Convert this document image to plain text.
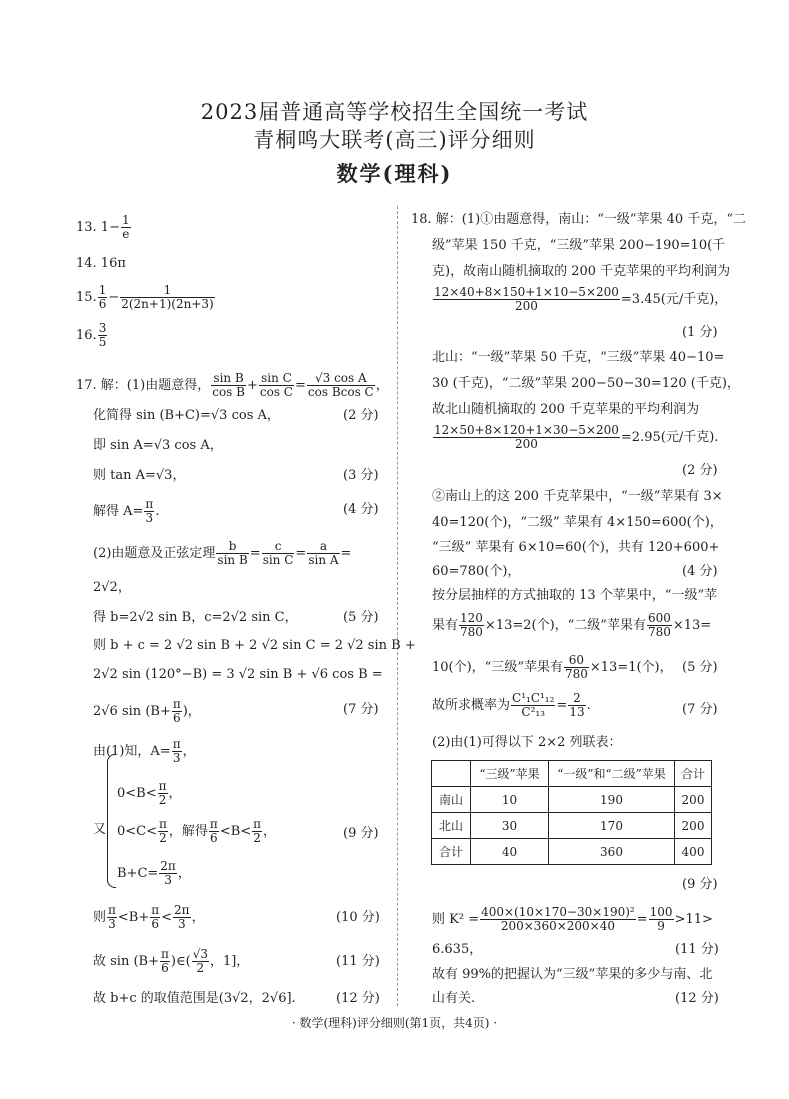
2023届普通高等学校招生全国统一考试
青桐鸣大联考(高三)评分细则
数学(理科)
13. $1- \frac{1}{e}$
14. 16π
15. $\frac{1}{6} - \frac{1}{2(2n+1)(2n+3)}$
16. $\frac{3}{5}$
17. 解：(1)由题意得， $\frac{\text{sin B}}{\text{cos B}} + \frac{\text{sin C}}{\text{cos C}} = \frac{\text{√3 cos A}}{\text{cos Bcos C}}$ ，
化简得 sin (B+C)=√3 cos A，	(2 分)
即 sin A=√3 cos A，
则 tan A=√3，	(3 分)
解得 $A= \frac{\pi}{3}$ .	(4 分)
(2)由题意及正弦定理 $\frac{b}{\text{sin B}} = \frac{c}{\text{sin C}} = \frac{a}{\text{sin A}}$ =
2√2，
得 b=2√2 sin B，c=2√2 sin C，	(5 分)
则 b + c = 2 √2 sin B + 2 √2 sin C = 2 √2 sin B +
2√2 sin (120°−B) = 3 √2 sin B + √6 cos B =
2√6 $\sin (B+ \frac{\pi}{6}$ )，	(7 分)
由(1)知，$A= \frac{\pi}{3}$ ，
又
$0<B< \frac{\pi}{2}$ ，
$0<C< \frac{\pi}{2}$ ，解得 $\frac{\pi}{6} <B< \frac{\pi}{2}$ ，	(9 分)
$B+C= \frac{2\pi}{3}$ ，
则 $\frac{\pi}{3} <B+ \frac{\pi}{6} < \frac{2\pi}{3}$ ，	(10 分)
故 $\sin (B+ \frac{\pi}{6}$ )∈( $\frac{√3}{2}$ ，1]，	(11 分)
故 b+c 的取值范围是(3√2，2√6].	(12 分)
18. 解：(1)①由题意得，南山：“一级”苹果 40 千克，“二
级”苹果 150 千克，“三级”苹果 200−190=10(千
克)，故南山随机摘取的 200 千克苹果的平均利润为
$\frac{12\times 40+8\times 150+1\times 10-5\times 200}{200} =3.45$(元/千克)，
(1 分)
北山：“一级”苹果 50 千克，“三级”苹果 40−10=
30 (千克)，“二级”苹果 200−50−30=120 (千克)，
故北山随机摘取的 200 千克苹果的平均利润为
$\frac{12\times 50+8\times 120+1\times 30-5\times 200}{200} =2.95$(元/千克).
(2 分)
②南山上的这 200 千克苹果中，“一级”苹果有 3×
40=120(个)，“二级” 苹果有 4×150=600(个)，
“三级” 苹果有 6×10=60(个)，共有 120+600+
60=780(个)，	(4 分)
按分层抽样的方式抽取的 13 个苹果中，“一级”苹
果有 $\frac{120}{780} \times 13=2$(个)，“二级”苹果有 $\frac{600}{780} \times 13=$
10(个)，“三级”苹果有 $\frac{60}{780} \times 13=1$(个)， (5 分)
故所求概率为 $\frac{\text{C¹₁C¹₁₂}}{\text{C²₁₃}} = \frac{2}{13}$ .	(7 分)
(2)由(1)可得以下 2×2 列联表：
	“三级”苹果	“一级”和“二级”苹果	合计
南山	10	190	200
北山	30	170	200
合计	40	360	400
(9 分)
则 $K^2 = \frac{\text{400×(10×170−30×190)²}}{200\times 360\times 200\times 40} = \frac{100}{9} >11>$
6.635，	(11 分)
故有 99%的把握认为“三级”苹果的多少与南、北
山有关.	(12 分)
· 数学(理科)评分细则(第1页，共4页) ·
